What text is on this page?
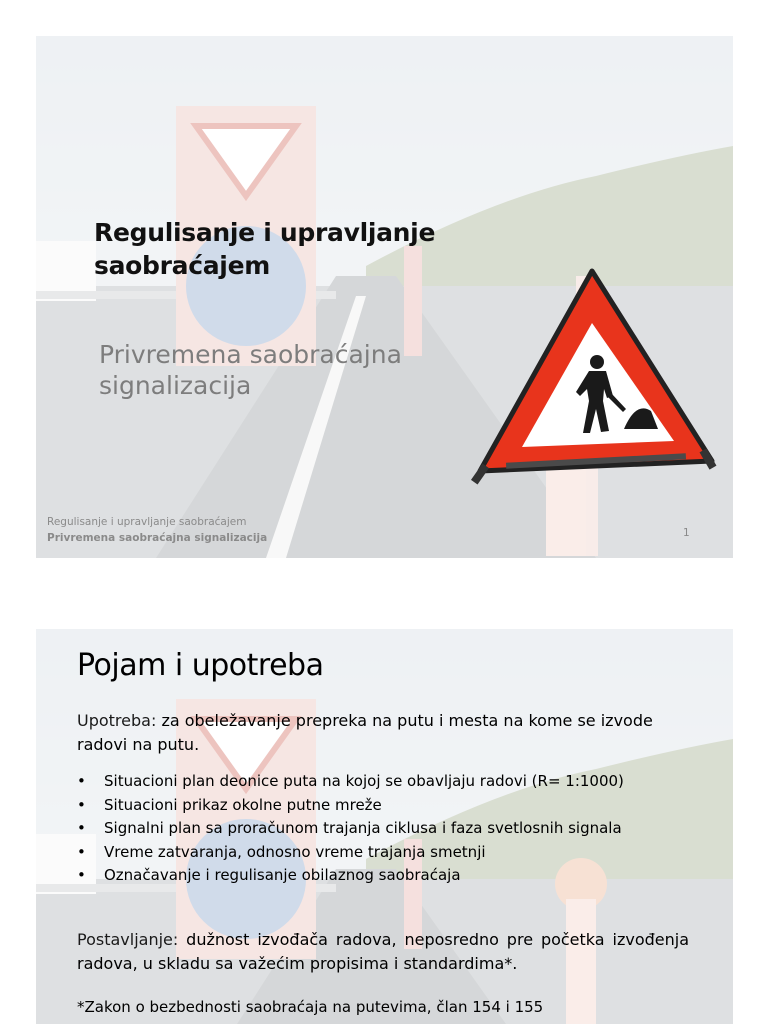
Regulisanje i upravljanje saobraćajem
Privremena saobraćajna signalizacija
Regulisanje i upravljanje saobraćajem
Privremena saobraćajna signalizacija	1
Pojam i upotreba
Upotreba: za obeležavanje prepreka na putu i mesta na kome se izvode radovi na putu.
• Situacioni plan deonice puta na kojoj se obavljaju radovi (R= 1:1000)
• Situacioni prikaz okolne putne mreže
• Signalni plan sa proračunom trajanja ciklusa i faza svetlosnih signala
• Vreme zatvaranja, odnosno vreme trajanja smetnji
• Označavanje i regulisanje obilaznog saobraćaja
Postavljanje: dužnost izvođača radova, neposredno pre početka izvođenja radova, u skladu sa važećim propisima i standardima*.
*Zakon o bezbednosti saobraćaja na putevima, član 154 i 155
